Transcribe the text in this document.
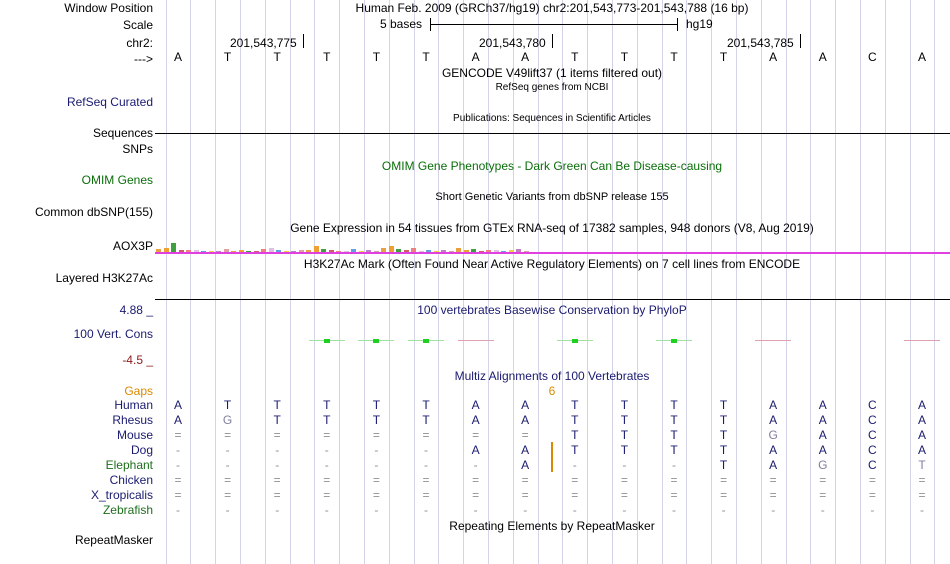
Window Position	Human Feb. 2009 (GRCh37/hg19) chr2:201,543,773-201,543,788 (16 bp)
Scale	5 bases	hg19
chr2:	201,543,775	201,543,780	201,543,785
---> A	T	T	T	T	T	A	A	T	T	T	T	A	A	C	A
GENCODE V49lift37 (1 items filtered out)
RefSeq genes from NCBI
RefSeq Curated
Publications: Sequences in Scientific Articles
Sequences
SNPs
OMIM Gene Phenotypes - Dark Green Can Be Disease-causing
OMIM Genes
Short Genetic Variants from dbSNP release 155
Common dbSNP(155)
Gene Expression in 54 tissues from GTEx RNA-seq of 17382 samples, 948 donors (V8, Aug 2019)
AOX3P
H3K27Ac Mark (Often Found Near Active Regulatory Elements) on 7 cell lines from ENCODE
Layered H3K27Ac
100 vertebrates Basewise Conservation by PhyloP
4.88 _
100 Vert. Cons
-4.5 _
Multiz Alignments of 100 Vertebrates
Gaps	6
Human A	T	T	T	T	T	A	A	T	T	T	T	A	A	C	A
Rhesus A	G	T	T	T	T	A	A	T	T	T	T	A	A	C	A
Mouse =	=	=	=	=	=	=	=	T	T	T	T	G	A	C	A
Dog	-	-	-	-	-	-	A	A	T	T	T	T	A	A	C	A
Elephant	-	-	-	-	-	-	-	A	-	-	-	T	A	G	C	T
Chicken =	=	=	=	=	=	=	=	=	=	=	=	=	=	=	=
X_tropicalis =	=	=	=	=	=	=	=	=	=	=	=	=	=	=	=
Zebrafish	-	-	-	-	-	-	-	-	-	-	-	-	-	-	-	-
Repeating Elements by RepeatMasker
RepeatMasker
